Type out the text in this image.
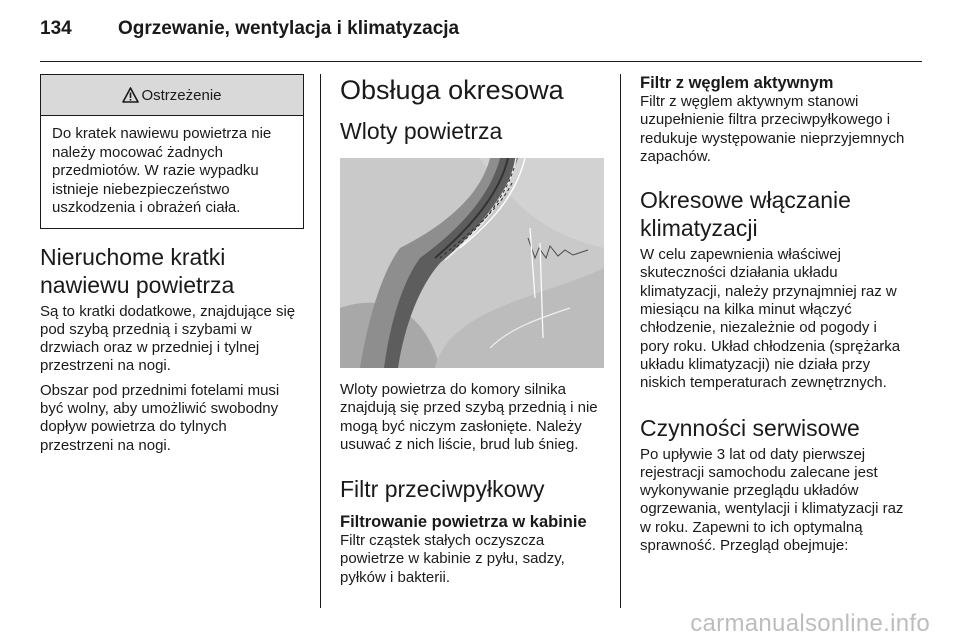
134 Ogrzewanie, wentylacja i klimatyzacja
Ostrzeżenie
Do kratek nawiewu powietrza nie należy mocować żadnych przedmiotów. W razie wypadku istnieje niebezpieczeństwo uszkodzenia i obrażeń ciała.
Nieruchome kratki
nawiewu powietrza

Są to kratki dodatkowe, znajdujące się pod szybą przednią i szybami w drzwiach oraz w przedniej i tylnej przestrzeni na nogi.

Obszar pod przednimi fotelami musi być wolny, aby umożliwić swobodny dopływ powietrza do tylnych przestrzeni na nogi.

Obsługa okresowa
Wloty powietrza

Wloty powietrza do komory silnika znajdują się przed szybą przednią i nie mogą być niczym zasłonięte. Należy usuwać z nich liście, brud lub śnieg.

Filtr przeciwpyłkowy
Filtrowanie powietrza w kabinie

Filtr cząstek stałych oczyszcza powietrze w kabinie z pyłu, sadzy, pyłków i bakterii.

Filtr z węglem aktywnym

Filtr z węglem aktywnym stanowi uzupełnienie filtra przeciwpyłkowego i redukuje występowanie nieprzyjemnych zapachów.

Okresowe włączanie
klimatyzacji

W celu zapewnienia właściwej skuteczności działania układu klimatyzacji, należy przynajmniej raz w miesiącu na kilka minut włączyć chłodzenie, niezależnie od pogody i pory roku. Układ chłodzenia (sprężarka układu klimatyzacji) nie działa przy niskich temperaturach zewnętrznych.

Czynności serwisowe

Po upływie 3 lat od daty pierwszej rejestracji samochodu zalecane jest wykonywanie przeglądu układów ogrzewania, wentylacji i klimatyzacji raz w roku. Zapewni to ich optymalną sprawność. Przegląd obejmuje:

carmanualsonline.info
